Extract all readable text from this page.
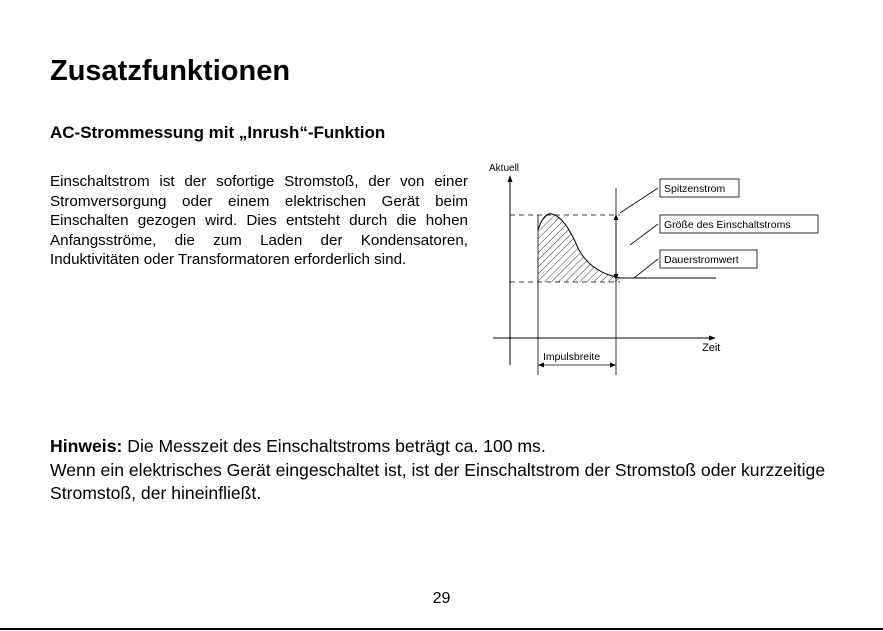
Zusatzfunktionen
AC-Strommessung mit „Inrush“-Funktion

Einschaltstrom ist der sofortige Stromstoß, der von einer Stromversorgung oder einem elektrischen Gerät beim Einschalten gezogen wird. Dies entsteht durch die hohen Anfangsströme, die zum Laden der Kondensatoren, Induktivitäten oder Transformatoren erforderlich sind.

Aktuell
Zeit
Spitzenstrom
Größe des Einschaltstroms
Dauerstromwert
Impulsbreite

Hinweis: Die Messzeit des Einschaltstroms beträgt ca. 100 ms.
Wenn ein elektrisches Gerät eingeschaltet ist, ist der Einschaltstrom der Stromstoß oder kurzzeitige Stromstoß, der hineinfließt.

29
